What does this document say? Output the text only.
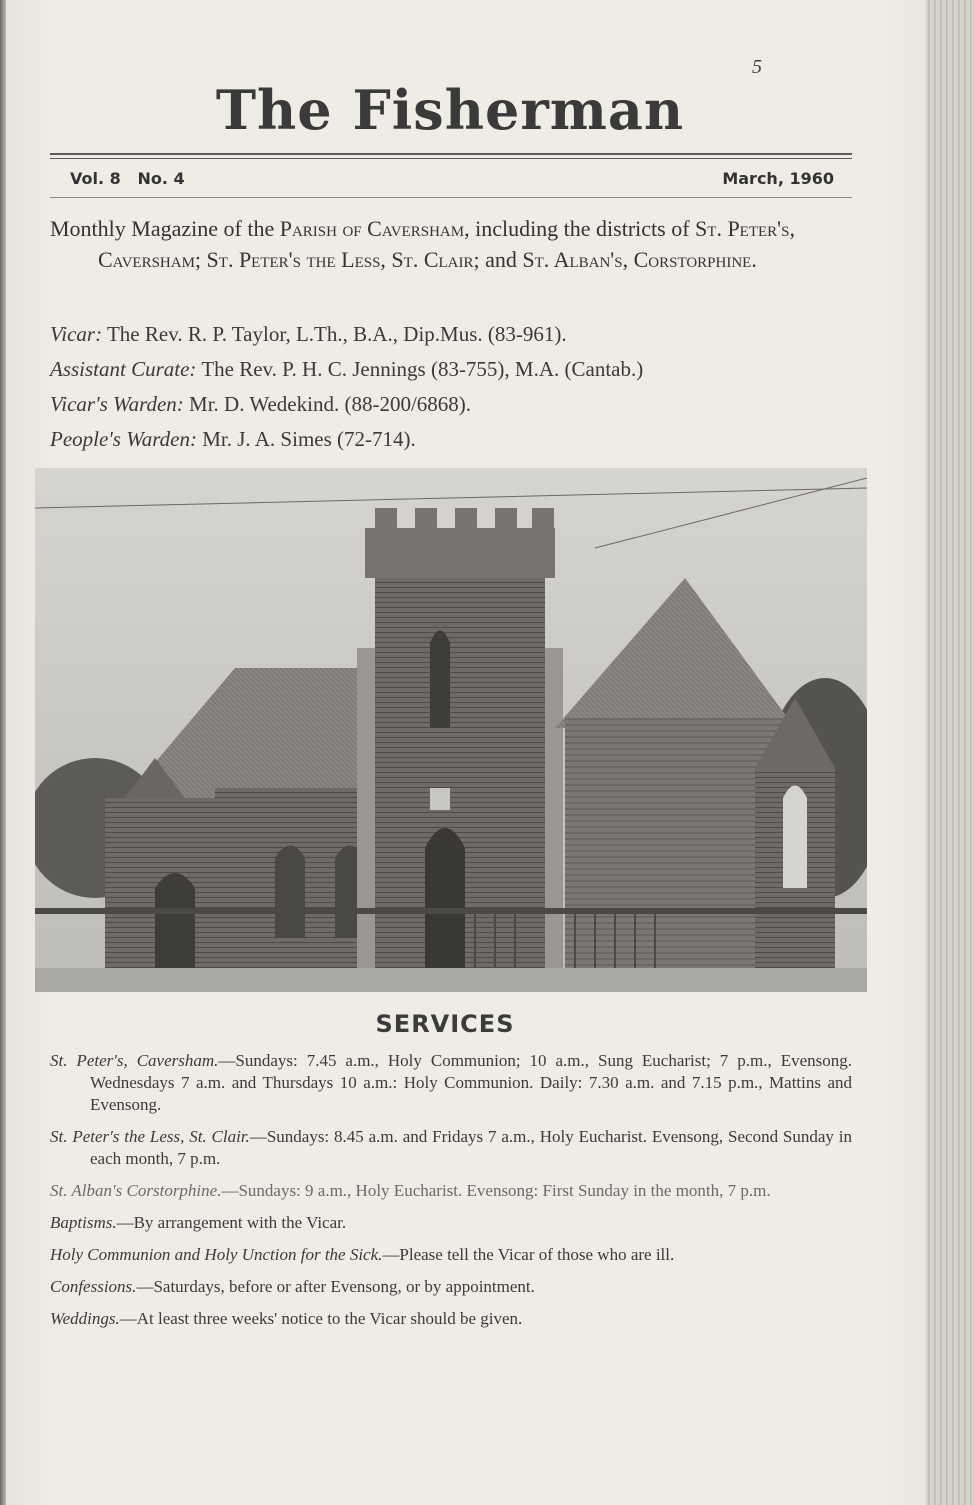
5
The Fisherman
Vol. 8   No. 4	March, 1960

Monthly Magazine of the Parish of Caversham, including the districts of St. Peter's, Caversham; St. Peter's the Less, St. Clair; and St. Alban's, Corstorphine.

Vicar: The Rev. R. P. Taylor, L.Th., B.A., Dip.Mus. (83-961).
Assistant Curate: The Rev. P. H. C. Jennings (83-755), M.A. (Cantab.)
Vicar's Warden: Mr. D. Wedekind. (88-200/6868).
People's Warden: Mr. J. A. Simes (72-714).
SERVICES
St. Peter's, Caversham.—Sundays: 7.45 a.m., Holy Communion; 10 a.m., Sung Eucharist; 7 p.m., Evensong. Wednesdays 7 a.m. and Thursdays 10 a.m.: Holy Communion. Daily: 7.30 a.m. and 7.15 p.m., Mattins and Evensong.
St. Peter's the Less, St. Clair.—Sundays: 8.45 a.m. and Fridays 7 a.m., Holy Eucharist. Evensong, Second Sunday in each month, 7 p.m.
St. Alban's Corstorphine.—Sundays: 9 a.m., Holy Eucharist. Evensong: First Sunday in the month, 7 p.m.
Baptisms.—By arrangement with the Vicar.
Holy Communion and Holy Unction for the Sick.—Please tell the Vicar of those who are ill.
Confessions.—Saturdays, before or after Evensong, or by appointment.
Weddings.—At least three weeks' notice to the Vicar should be given.
